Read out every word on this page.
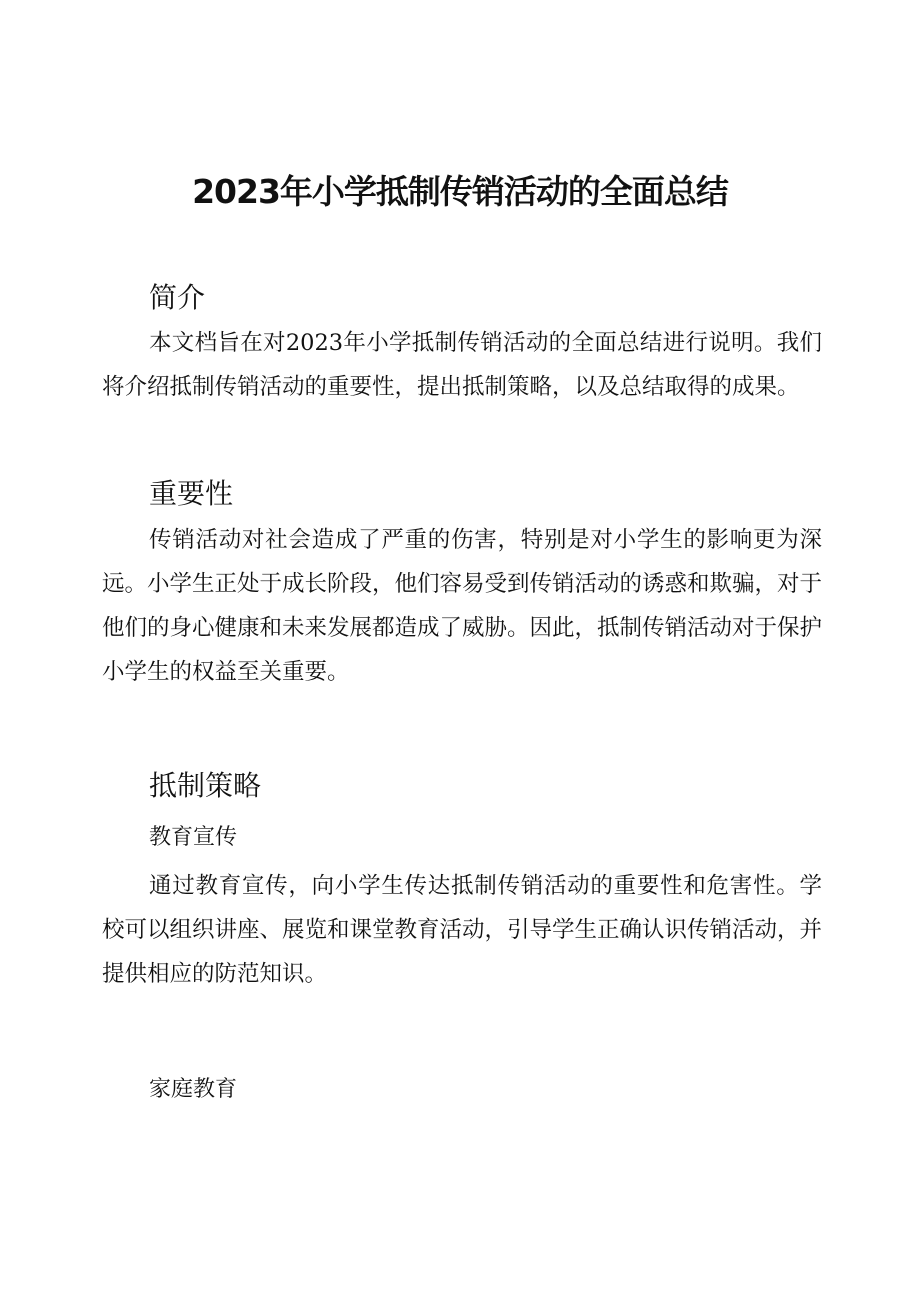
2023年小学抵制传销活动的全面总结
简介

本文档旨在对2023年小学抵制传销活动的全面总结进行说明。我们将介绍抵制传销活动的重要性，提出抵制策略，以及总结取得的成果。

重要性

传销活动对社会造成了严重的伤害，特别是对小学生的影响更为深远。小学生正处于成长阶段，他们容易受到传销活动的诱惑和欺骗，对于他们的身心健康和未来发展都造成了威胁。因此，抵制传销活动对于保护小学生的权益至关重要。

抵制策略
教育宣传

通过教育宣传，向小学生传达抵制传销活动的重要性和危害性。学校可以组织讲座、展览和课堂教育活动，引导学生正确认识传销活动，并提供相应的防范知识。

家庭教育
